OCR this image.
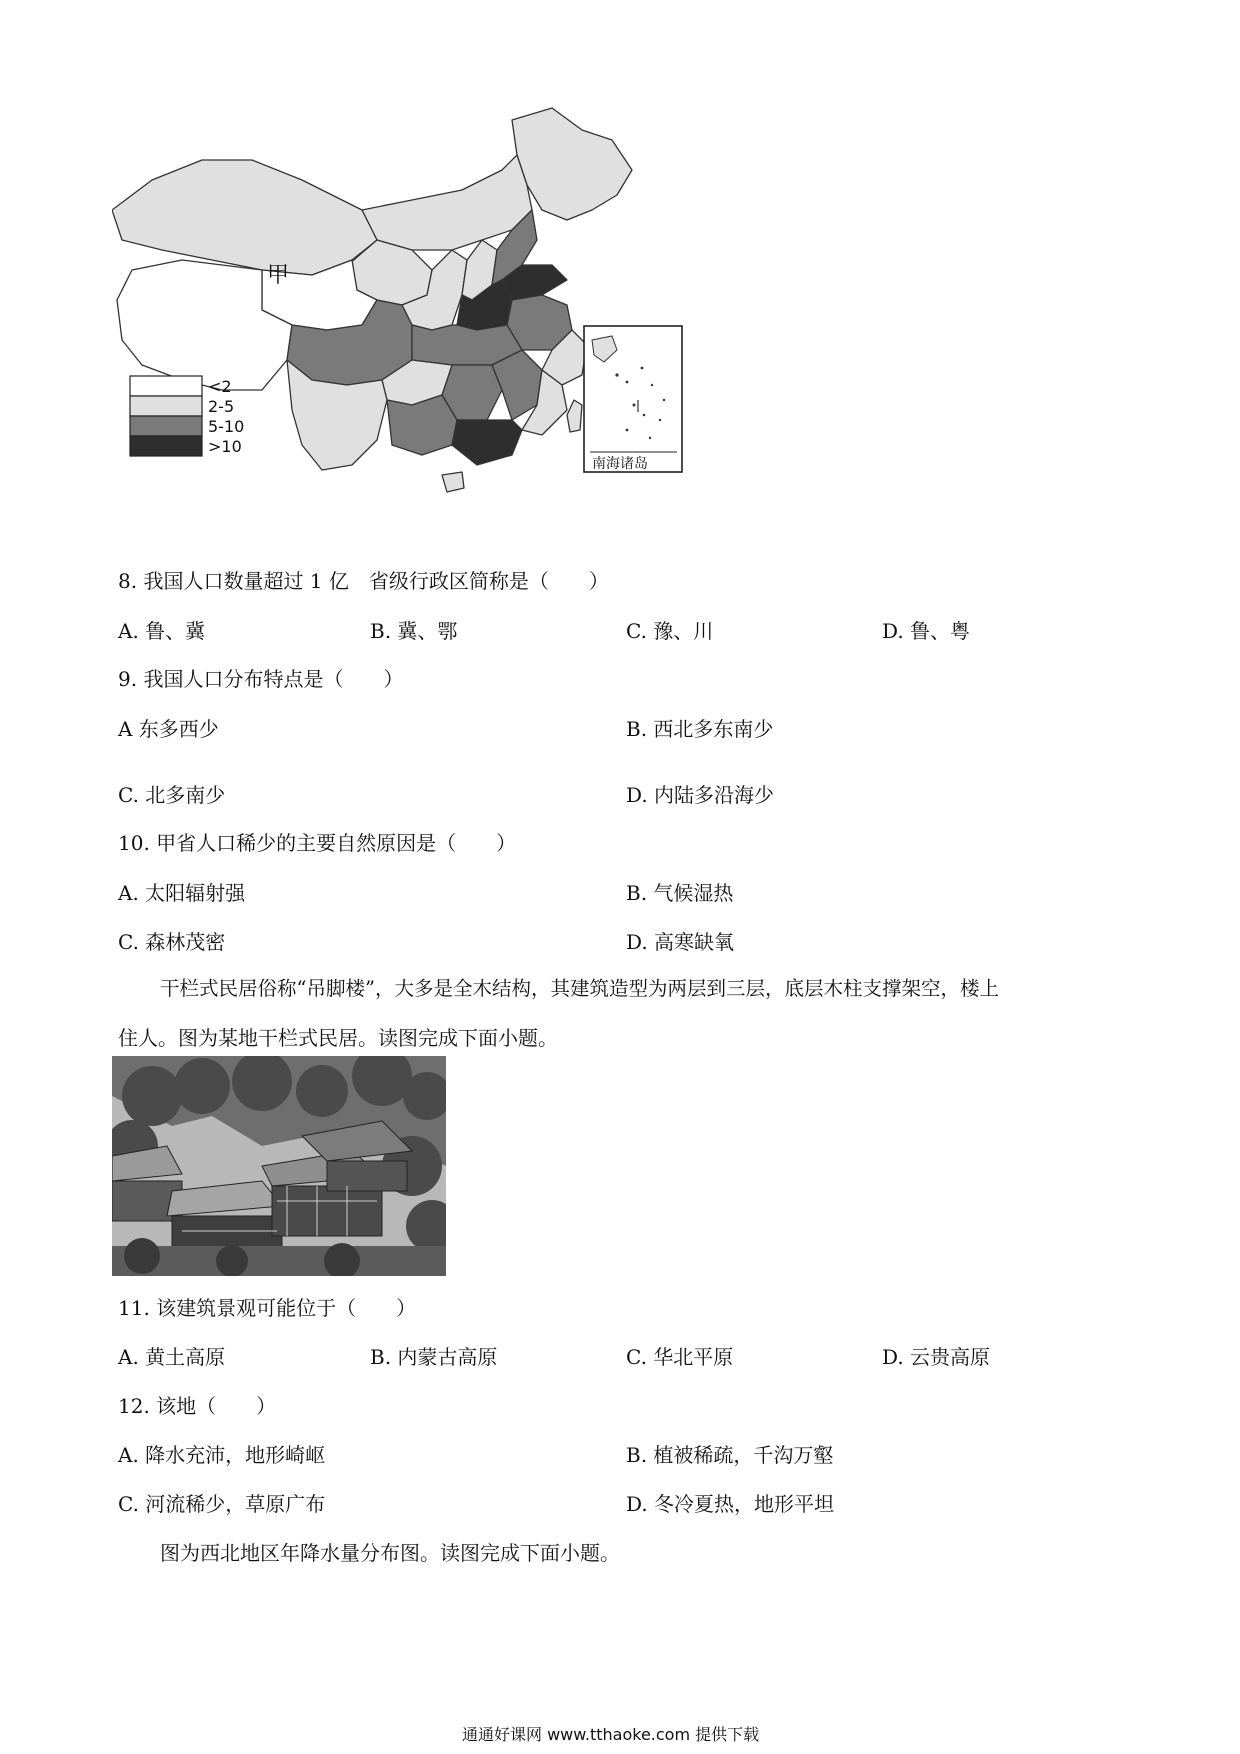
甲
<2
2-5
5-10
>10
南海诸岛
8. 我国人口数量超过 1 亿　省级行政区简称是（　　）
A. 鲁、冀	B. 冀、鄂	C. 豫、川	D. 鲁、粤
9. 我国人口分布特点是（　　）
A 东多西少	B. 西北多东南少
C. 北多南少	D. 内陆多沿海少
10. 甲省人口稀少的主要自然原因是（　　）
A. 太阳辐射强	B. 气候湿热
C. 森林茂密	D. 高寒缺氧
干栏式民居俗称“吊脚楼”，大多是全木结构，其建筑造型为两层到三层，底层木柱支撑架空，楼上
住人。图为某地干栏式民居。读图完成下面小题。
11. 该建筑景观可能位于（　　）
A. 黄土高原	B. 内蒙古高原	C. 华北平原	D. 云贵高原
12. 该地（　　）
A. 降水充沛，地形崎岖	B. 植被稀疏，千沟万壑
C. 河流稀少，草原广布	D. 冬冷夏热，地形平坦
图为西北地区年降水量分布图。读图完成下面小题。
通通好课网 www.tthaoke.com 提供下载
